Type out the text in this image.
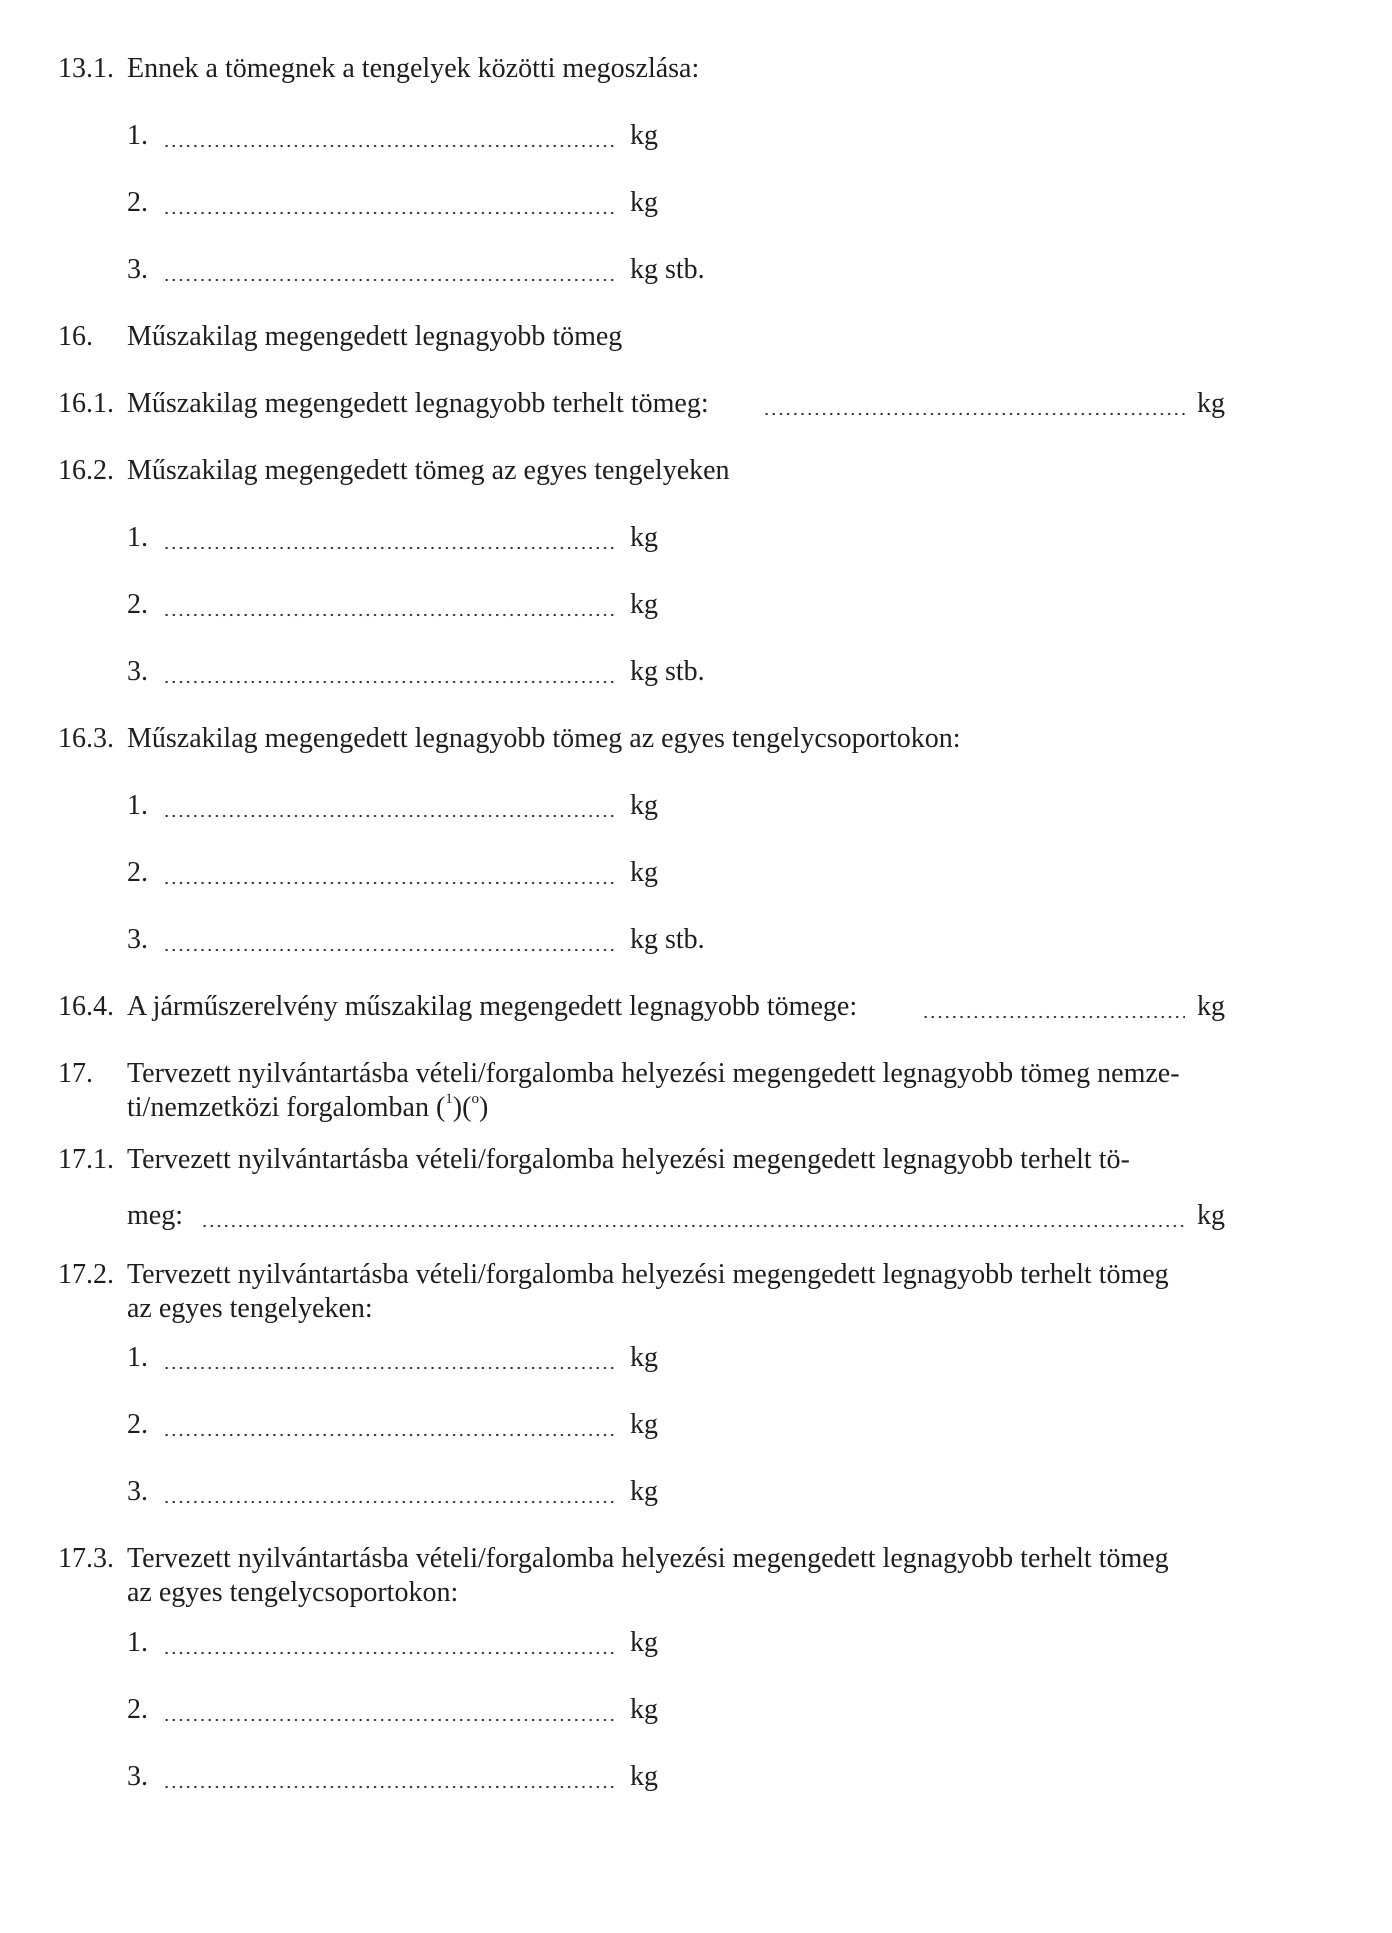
13.1. Ennek a tömegnek a tengelyek közötti megoszlása:
1.	kg
2.	kg
3.	kg stb.
16. Műszakilag megengedett legnagyobb tömeg
16.1. Műszakilag megengedett legnagyobb terhelt tömeg:	kg
16.2. Műszakilag megengedett tömeg az egyes tengelyeken
1.	kg
2.	kg
3.	kg stb.
16.3. Műszakilag megengedett legnagyobb tömeg az egyes tengelycsoportokon:
1.	kg
2.	kg
3.	kg stb.
16.4. A járműszerelvény műszakilag megengedett legnagyobb tömege:	kg
17. Tervezett nyilvántartásba vételi/forgalomba helyezési megengedett legnagyobb tömeg nemze-
ti/nemzetközi forgalomban ($^1$)($^o$)
17.1. Tervezett nyilvántartásba vételi/forgalomba helyezési megengedett legnagyobb terhelt tö-
meg:	kg
17.2. Tervezett nyilvántartásba vételi/forgalomba helyezési megengedett legnagyobb terhelt tömeg
az egyes tengelyeken:
1.	kg
2.	kg
3.	kg
17.3. Tervezett nyilvántartásba vételi/forgalomba helyezési megengedett legnagyobb terhelt tömeg
az egyes tengelycsoportokon:
1.	kg
2.	kg
3.	kg
